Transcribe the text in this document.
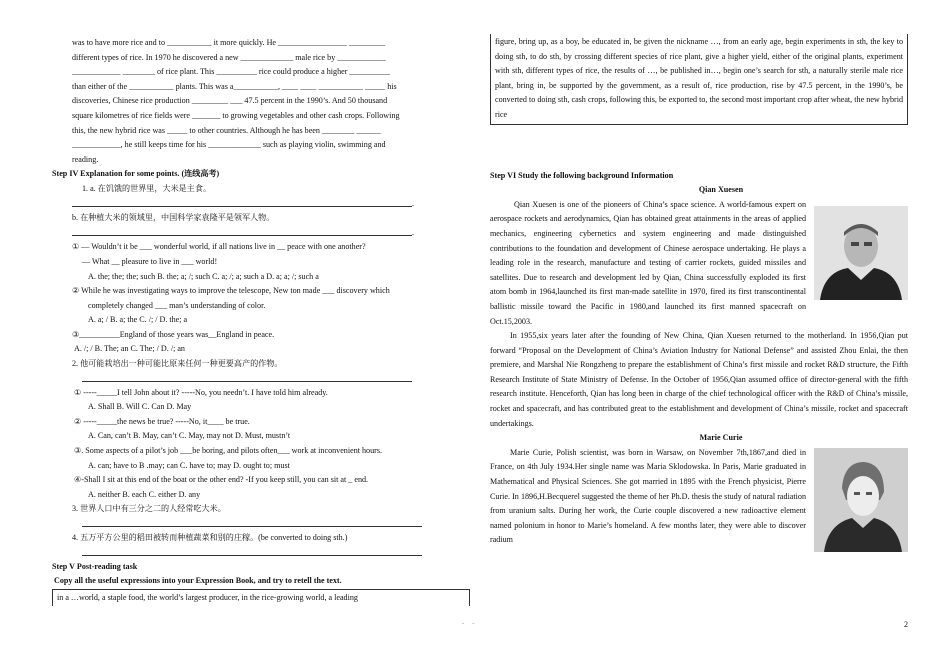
was to have more rice and to ___________ it more quickly. He _________________ _________

different types of rice. In 1970 he discovered a new _____________ male rice by ____________

____________ ________ of rice plant. This __________ rice could produce a higher __________

than either of the ___________ plants. This was a___________, ____ ____ ___________ _____ his

discoveries, Chinese rice production _________ ___ 47.5 percent in the 1990’s. And 50 thousand

square kilometres of rice fields were _______ to growing vegetables and other cash crops. Following

this, the new hybrid rice was _____ to other countries. Although he has been ________ ______

____________, he still keeps time for his _____________ such as playing violin, swimming and

reading.

Step IV Explanation for some points. (连线高考)

1. a. 在饥饿的世界里，大米是主食。

.

b. 在种植大米的领域里，中国科学家袁隆平是领军人物。

.

① — Wouldn’t it be ___ wonderful world, if all nations live in __ peace with one another?

— What __ pleasure to live in ___ world!

A. the; the; the; such B. the; a; /; such C. a; /; a; such a D. a; a; /; such a

② While he was investigating ways to improve the telescope, New ton made ___ discovery which

completely changed ___ man’s understanding of color.

A. a; / B. a; the C. /; / D. the; a

③__________England of those years was__England in peace.

A. /; / B. The; an C. The; / D. /; an

2. 他可能栽培出一种可能比原来任何一种更要高产的作物。

① -----_____I tell John about it? -----No, you needn’t. I have told him already.

A. Shall B. Will C. Can D. May

② -----_____the news be true? -----No, it____ be true.

A. Can, can’t B. May, can’t C. May, may not D. Must, mustn’t

③. Some aspects of a pilot’s job ___be boring, and pilots often___ work at inconvenient hours.

A. can; have to B .may; can C. have to; may D. ought to; must

④-Shall I sit at this end of the boat or the other end? -If you keep still, you can sit at _ end.

A. neither B. each C. either D. any

3. 世界人口中有三分之二的人经常吃大米。

4. 五万平方公里的稻田被转而种植蔬菜和别的庄稼。(be converted to doing sth.)

Step V Post-reading task

Copy all the useful expressions into your Expression Book, and try to retell the text.

in a …world, a staple food, the world’s largest producer, in the rice-growing world, a leading

figure, bring up, as a boy, be educated in, be given the nickname …, from an early age, begin experiments in sth, the key to doing sth, to do sth, by crossing different species of rice plant, give a higher yield, either of the original plants, experiment with sth, different types of rice, the results of …, be published in…, begin one’s search for sth, a naturally sterile male rice plant, bring in, be supported by the government, as a result of, rice production, rise by 47.5 percent, in the 1990’s, be converted to doing sth, cash crops, following this, be exported to, the second most important crop after wheat, the new hybrid rice

Step VI Study the following background Information

Qian Xuesen

Qian Xuesen is one of the pioneers of China’s space science. A world-famous expert on aerospace rockets and aerodynamics, Qian has obtained great attainments in the areas of applied mechanics, engineering cybernetics and system engineering and made distinguished contributions to the foundation and development of Chinese aerospace undertaking. He plays a leading role in the research, manufacture and testing of carrier rockets, guided missiles and satellites. Due to research and development led by Qian, China successfully exploded its first atom bomb in 1964,launched its first man-made satellite in 1970, fired its first transcontinental ballistic missile toward the Pacific in 1980,and launched its first manned spacecraft on Oct.15,2003.

In 1955,six years later after the founding of New China, Qian Xuesen returned to the motherland. In 1956,Qian put forward “Proposal on the Development of China’s Aviation Industry for National Defense” and assisted Zhou Enlai, the then premiere, and Marshal Nie Rongzheng to prepare the establishment of China’s first missile and rocket R&D structure, the Fifth Research Institute of State Ministry of Defense. In the October of 1956,Qian assumed office of director-general with the fifth research institute. Henceforth, Qian has long been in charge of the chief technological officer with the R&D of China’s missile, rocket and spacecraft, and has contributed great to the establishment and development of China’s missile, rocket and spacecraft undertakings.

Marie Curie

Marie Curie, Polish scientist, was born in Warsaw, on November 7th,1867,and died in France, on 4th July 1934.Her single name was Maria Sklodowska. In Paris, Marie graduated in Mathematical and Physical Sciences. She got married in 1895 with the French physicist, Pierre Curie. In 1896,H.Becquerel suggested the theme of her Ph.D. thesis the study of natural radiation from uranium salts. During her work, the Curie couple discovered a new radioactive element named polonium in honor to Marie’s homeland. A few months later, they were able to discover radium

- -	2
